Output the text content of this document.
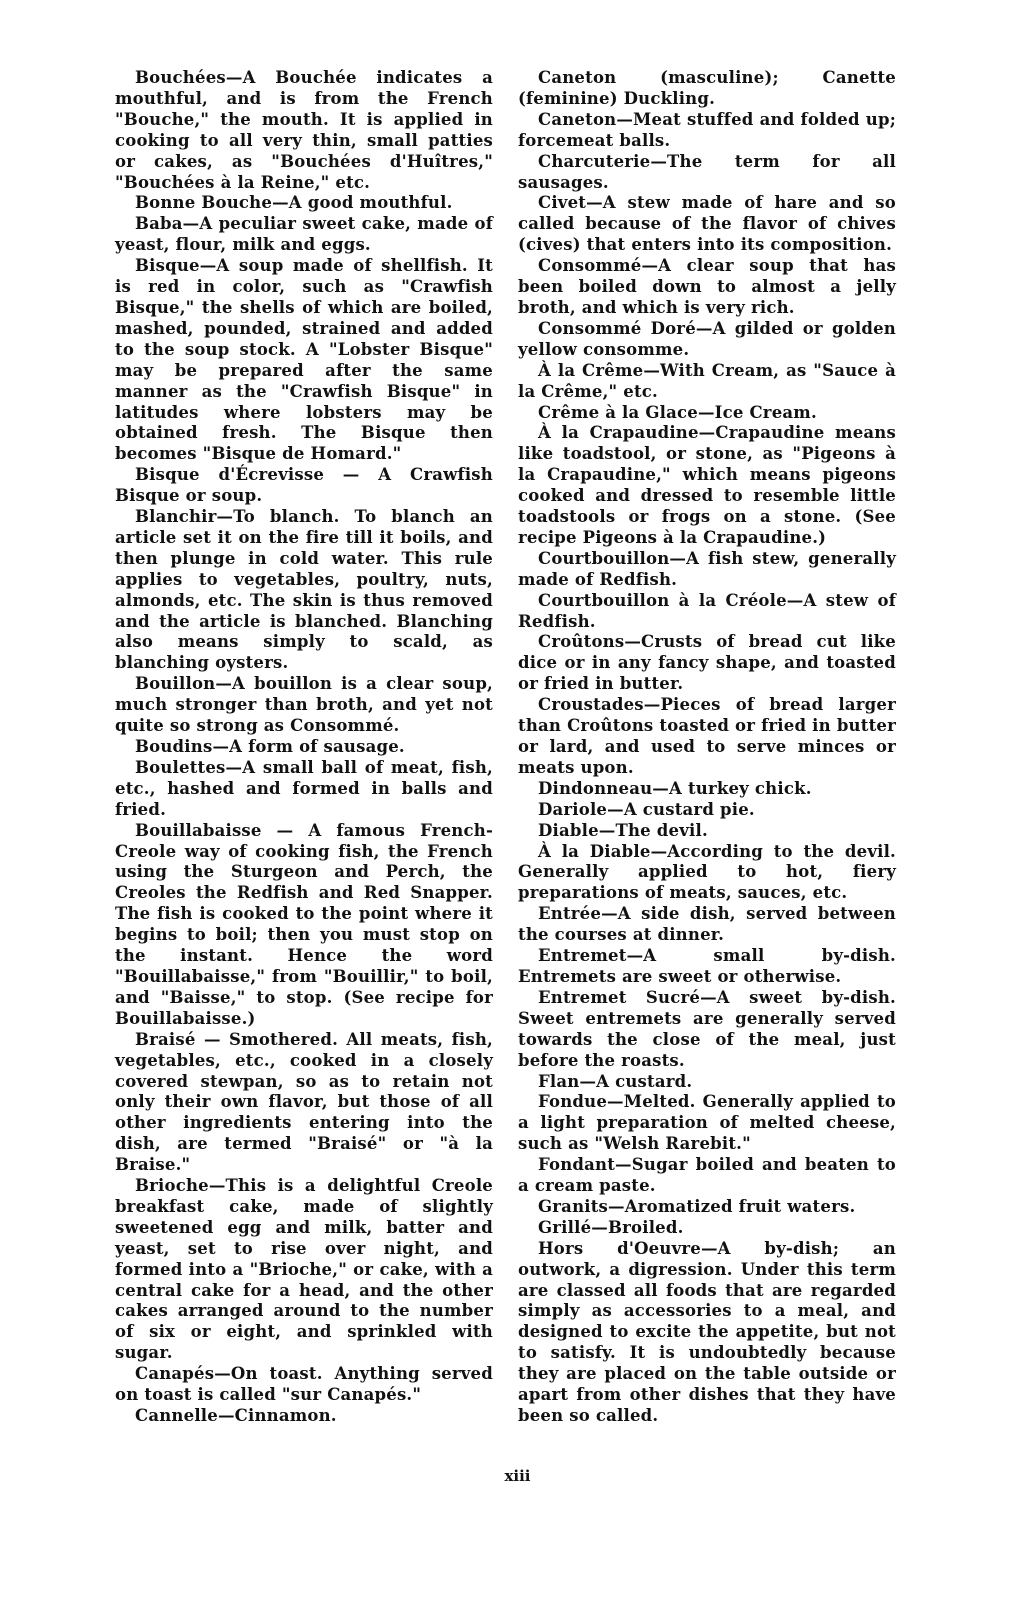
Bouchées—A Bouchée indicates a mouthful, and is from the French "Bouche," the mouth. It is applied in cooking to all very thin, small patties or cakes, as "Bouchées d'Huîtres," "Bouchées à la Reine," etc.

Bonne Bouche—A good mouthful.

Baba—A peculiar sweet cake, made of yeast, flour, milk and eggs.

Bisque—A soup made of shellfish. It is red in color, such as "Crawfish Bisque," the shells of which are boiled, mashed, pounded, strained and added to the soup stock. A "Lobster Bisque" may be prepared after the same manner as the "Crawfish Bisque" in latitudes where lobsters may be obtained fresh. The Bisque then becomes "Bisque de Homard."

Bisque d'Écrevisse — A Crawfish Bisque or soup.

Blanchir—To blanch. To blanch an article set it on the fire till it boils, and then plunge in cold water. This rule applies to vegetables, poultry, nuts, almonds, etc. The skin is thus removed and the article is blanched. Blanching also means simply to scald, as blanching oysters.

Bouillon—A bouillon is a clear soup, much stronger than broth, and yet not quite so strong as Consommé.

Boudins—A form of sausage.

Boulettes—A small ball of meat, fish, etc., hashed and formed in balls and fried.

Bouillabaisse — A famous French-Creole way of cooking fish, the French using the Sturgeon and Perch, the Creoles the Redfish and Red Snapper. The fish is cooked to the point where it begins to boil; then you must stop on the instant. Hence the word "Bouillabaisse," from "Bouillir," to boil, and "Baisse," to stop. (See recipe for Bouillabaisse.)

Braisé — Smothered. All meats, fish, vegetables, etc., cooked in a closely covered stewpan, so as to retain not only their own flavor, but those of all other ingredients entering into the dish, are termed "Braisé" or "à la Braise."

Brioche—This is a delightful Creole breakfast cake, made of slightly sweetened egg and milk, batter and yeast, set to rise over night, and formed into a "Brioche," or cake, with a central cake for a head, and the other cakes arranged around to the number of six or eight, and sprinkled with sugar.

Canapés—On toast. Anything served on toast is called "sur Canapés."

Cannelle—Cinnamon.

Caneton (masculine); Canette (feminine) Duckling.

Caneton—Meat stuffed and folded up; forcemeat balls.

Charcuterie—The term for all sausages.

Civet—A stew made of hare and so called because of the flavor of chives (cives) that enters into its composition.

Consommé—A clear soup that has been boiled down to almost a jelly broth, and which is very rich.

Consommé Doré—A gilded or golden yellow consomme.

À la Crême—With Cream, as "Sauce à la Crême," etc.

Crême à la Glace—Ice Cream.

À la Crapaudine—Crapaudine means like toadstool, or stone, as "Pigeons à la Crapaudine," which means pigeons cooked and dressed to resemble little toadstools or frogs on a stone. (See recipe Pigeons à la Crapaudine.)

Courtbouillon—A fish stew, generally made of Redfish.

Courtbouillon à la Créole—A stew of Redfish.

Croûtons—Crusts of bread cut like dice or in any fancy shape, and toasted or fried in butter.

Croustades—Pieces of bread larger than Croûtons toasted or fried in butter or lard, and used to serve minces or meats upon.

Dindonneau—A turkey chick.

Dariole—A custard pie.

Diable—The devil.

À la Diable—According to the devil. Generally applied to hot, fiery preparations of meats, sauces, etc.

Entrée—A side dish, served between the courses at dinner.

Entremet—A small by-dish. Entremets are sweet or otherwise.

Entremet Sucré—A sweet by-dish. Sweet entremets are generally served towards the close of the meal, just before the roasts.

Flan—A custard.

Fondue—Melted. Generally applied to a light preparation of melted cheese, such as "Welsh Rarebit."

Fondant—Sugar boiled and beaten to a cream paste.

Granits—Aromatized fruit waters.

Grillé—Broiled.

Hors d'Oeuvre—A by-dish; an outwork, a digression. Under this term are classed all foods that are regarded simply as accessories to a meal, and designed to excite the appetite, but not to satisfy. It is undoubtedly because they are placed on the table outside or apart from other dishes that they have been so called.

xiii
